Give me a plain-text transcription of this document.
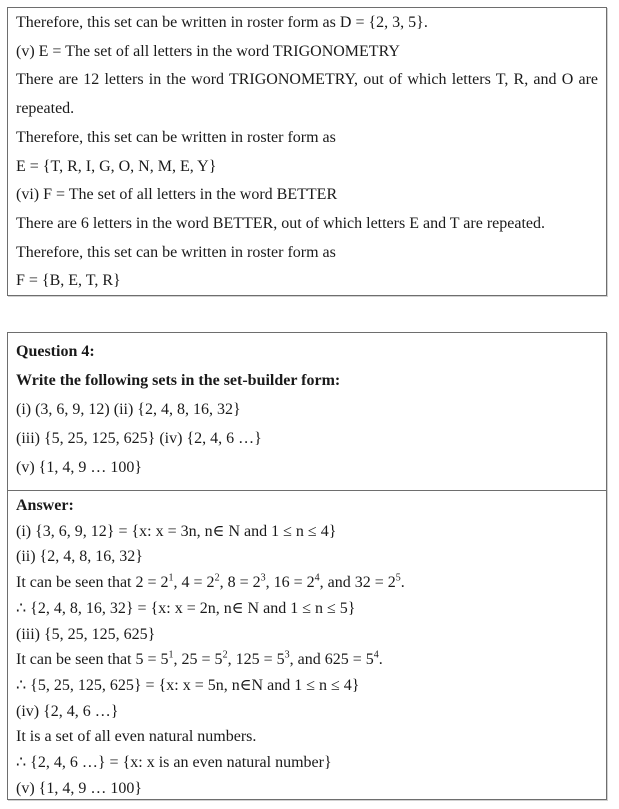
Therefore, this set can be written in roster form as D = {2, 3, 5}.

(v) E = The set of all letters in the word TRIGONOMETRY

There are 12 letters in the word TRIGONOMETRY, out of which letters T, R, and O are repeated.

Therefore, this set can be written in roster form as

E = {T, R, I, G, O, N, M, E, Y}

(vi) F = The set of all letters in the word BETTER

There are 6 letters in the word BETTER, out of which letters E and T are repeated.

Therefore, this set can be written in roster form as

F = {B, E, T, R}

Question 4:

Write the following sets in the set-builder form:

(i) (3, 6, 9, 12) (ii) {2, 4, 8, 16, 32}

(iii) {5, 25, 125, 625} (iv) {2, 4, 6 …}

(v) {1, 4, 9 … 100}

Answer:

(i) {3, 6, 9, 12} = {x: x = 3n, n∈ N and 1 ≤ n ≤ 4}

(ii) {2, 4, 8, 16, 32}

It can be seen that $2 = 2^1$, $4 = 2^2$, $8 = 2^3$, $16 = 2^4$, and $32 = 2^5$.

∴ {2, 4, 8, 16, 32} = {x: x = 2n, n∈ N and 1 ≤ n ≤ 5}

(iii) {5, 25, 125, 625}

It can be seen that $5 = 5^1$, $25 = 5^2$, $125 = 5^3$, and $625 = 5^4$.

∴ {5, 25, 125, 625} = {x: x = 5n, n∈N and 1 ≤ n ≤ 4}

(iv) {2, 4, 6 …}

It is a set of all even natural numbers.

∴ {2, 4, 6 …} = {x: x is an even natural number}

(v) {1, 4, 9 … 100}
